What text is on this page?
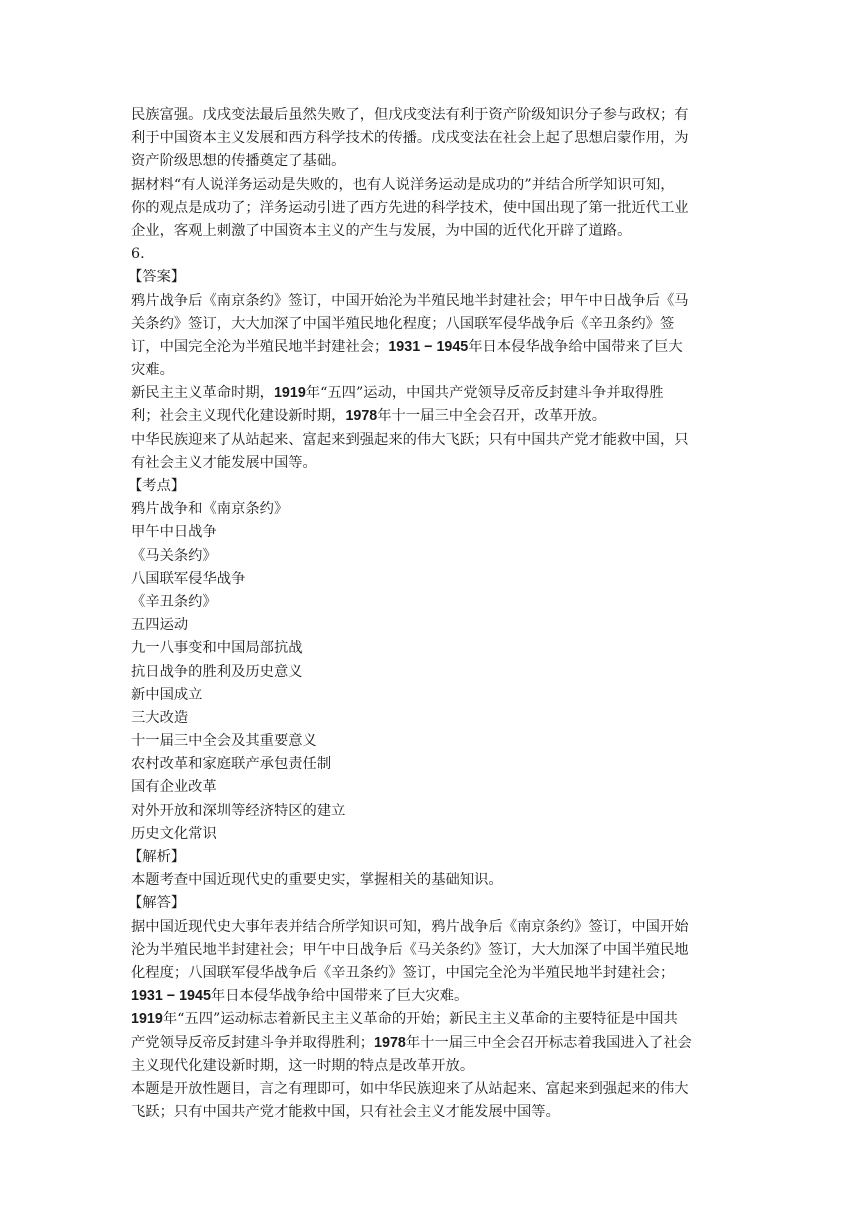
民族富强。戊戌变法最后虽然失败了，但戊戌变法有利于资产阶级知识分子参与政权；有
利于中国资本主义发展和西方科学技术的传播。戊戌变法在社会上起了思想启蒙作用，为
资产阶级思想的传播奠定了基础。
据材料“有人说洋务运动是失败的，也有人说洋务运动是成功的”并结合所学知识可知，
你的观点是成功了；洋务运动引进了西方先进的科学技术，使中国出现了第一批近代工业
企业，客观上刺激了中国资本主义的产生与发展，为中国的近代化开辟了道路。
6.
【答案】
鸦片战争后《南京条约》签订，中国开始沦为半殖民地半封建社会；甲午中日战争后《马
关条约》签订，大大加深了中国半殖民地化程度；八国联军侵华战争后《辛丑条约》签
订，中国完全沦为半殖民地半封建社会；1931 − 1945年日本侵华战争给中国带来了巨大
灾难。
新民主主义革命时期，1919年“五四”运动，中国共产党领导反帝反封建斗争并取得胜
利；社会主义现代化建设新时期，1978年十一届三中全会召开，改革开放。
中华民族迎来了从站起来、富起来到强起来的伟大飞跃；只有中国共产党才能救中国，只
有社会主义才能发展中国等。
【考点】
鸦片战争和《南京条约》
甲午中日战争
《马关条约》
八国联军侵华战争
《辛丑条约》
五四运动
九一八事变和中国局部抗战
抗日战争的胜利及历史意义
新中国成立
三大改造
十一届三中全会及其重要意义
农村改革和家庭联产承包责任制
国有企业改革
对外开放和深圳等经济特区的建立
历史文化常识
【解析】
本题考查中国近现代史的重要史实，掌握相关的基础知识。
【解答】
据中国近现代史大事年表并结合所学知识可知，鸦片战争后《南京条约》签订，中国开始
沦为半殖民地半封建社会；甲午中日战争后《马关条约》签订，大大加深了中国半殖民地
化程度；八国联军侵华战争后《辛丑条约》签订，中国完全沦为半殖民地半封建社会；
1931 − 1945年日本侵华战争给中国带来了巨大灾难。
1919年“五四”运动标志着新民主主义革命的开始；新民主主义革命的主要特征是中国共
产党领导反帝反封建斗争并取得胜利；1978年十一届三中全会召开标志着我国进入了社会
主义现代化建设新时期，这一时期的特点是改革开放。
本题是开放性题目，言之有理即可，如中华民族迎来了从站起来、富起来到强起来的伟大
飞跃；只有中国共产党才能救中国，只有社会主义才能发展中国等。
